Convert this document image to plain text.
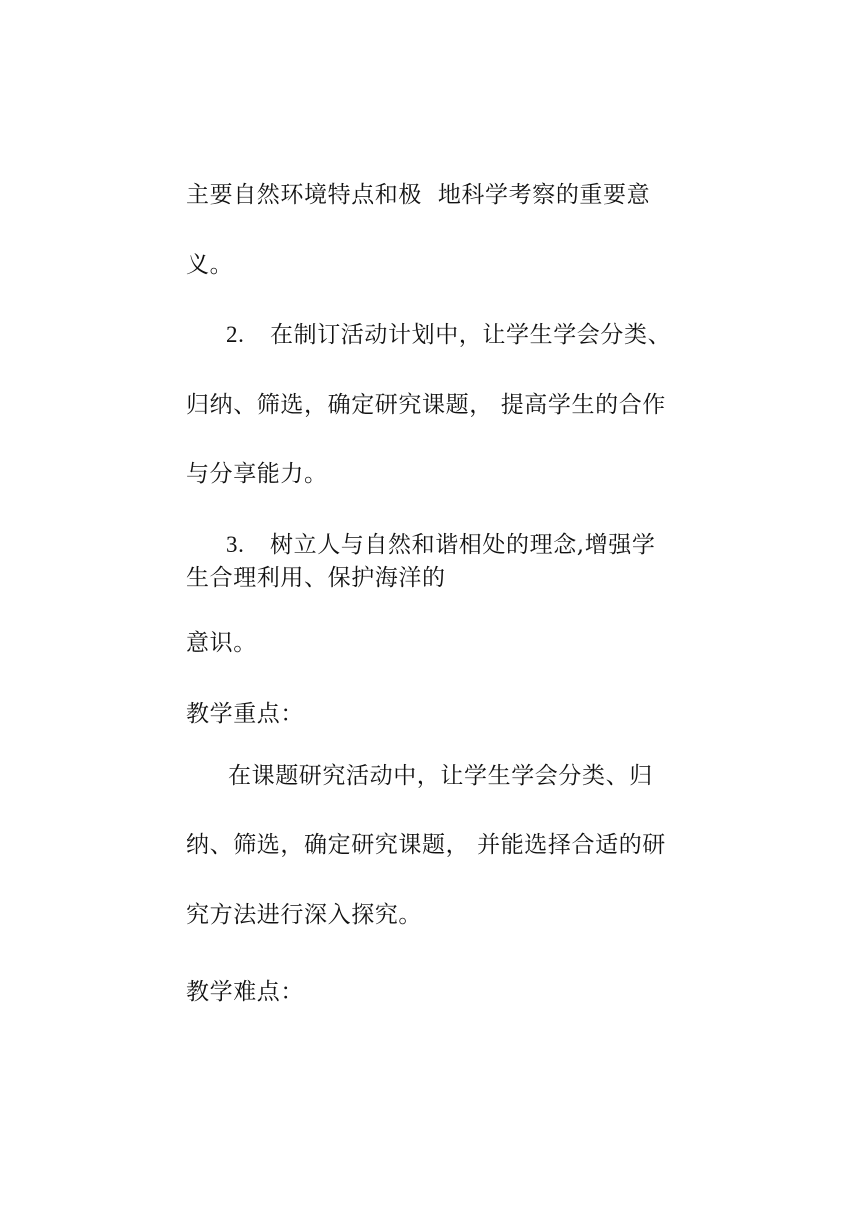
主要自然环境特点和极  地科学考察的重要意
义。
2. 在制订活动计划中，让学生学会分类、
归纳、筛选，确定研究课题， 提高学生的合作
与分享能力。
3. 树立人与自然和谐相处的理念,增强学
生合理利用、保护海洋的
意识。
教学重点：
在课题研究活动中，让学生学会分类、归
纳、筛选，确定研究课题， 并能选择合适的研
究方法进行深入探究。
教学难点：
